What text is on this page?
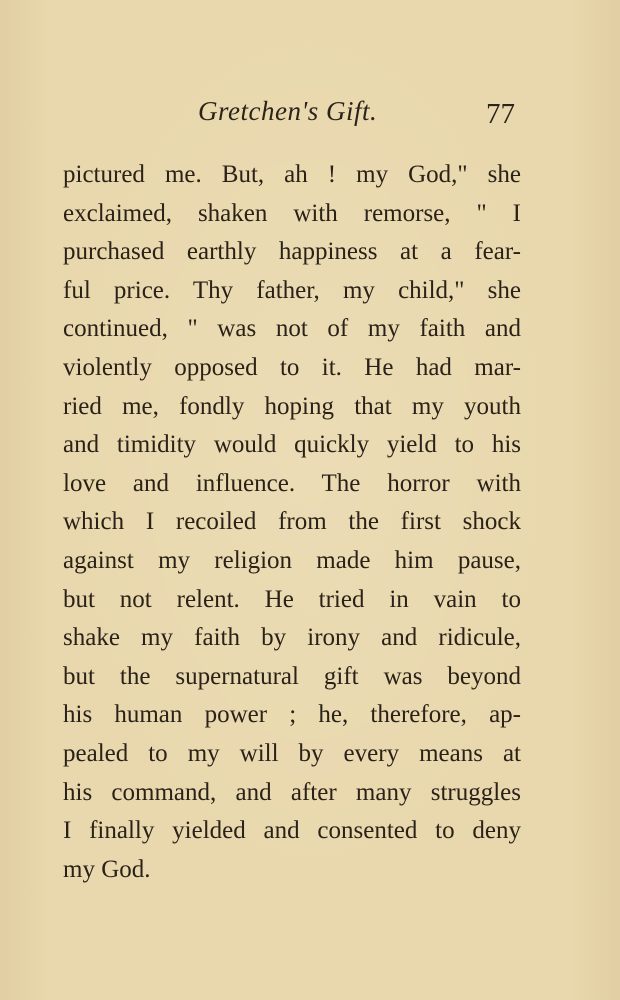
Gretchen's Gift.	77
pictured me. But, ah ! my God," she
exclaimed, shaken with remorse, " I
purchased earthly happiness at a fear-
ful price. Thy father, my child," she
continued, " was not of my faith and
violently opposed to it. He had mar-
ried me, fondly hoping that my youth
and timidity would quickly yield to his
love and influence. The horror with
which I recoiled from the first shock
against my religion made him pause,
but not relent. He tried in vain to
shake my faith by irony and ridicule,
but the supernatural gift was beyond
his human power ; he, therefore, ap-
pealed to my will by every means at
his command, and after many struggles
I finally yielded and consented to deny
my God.
